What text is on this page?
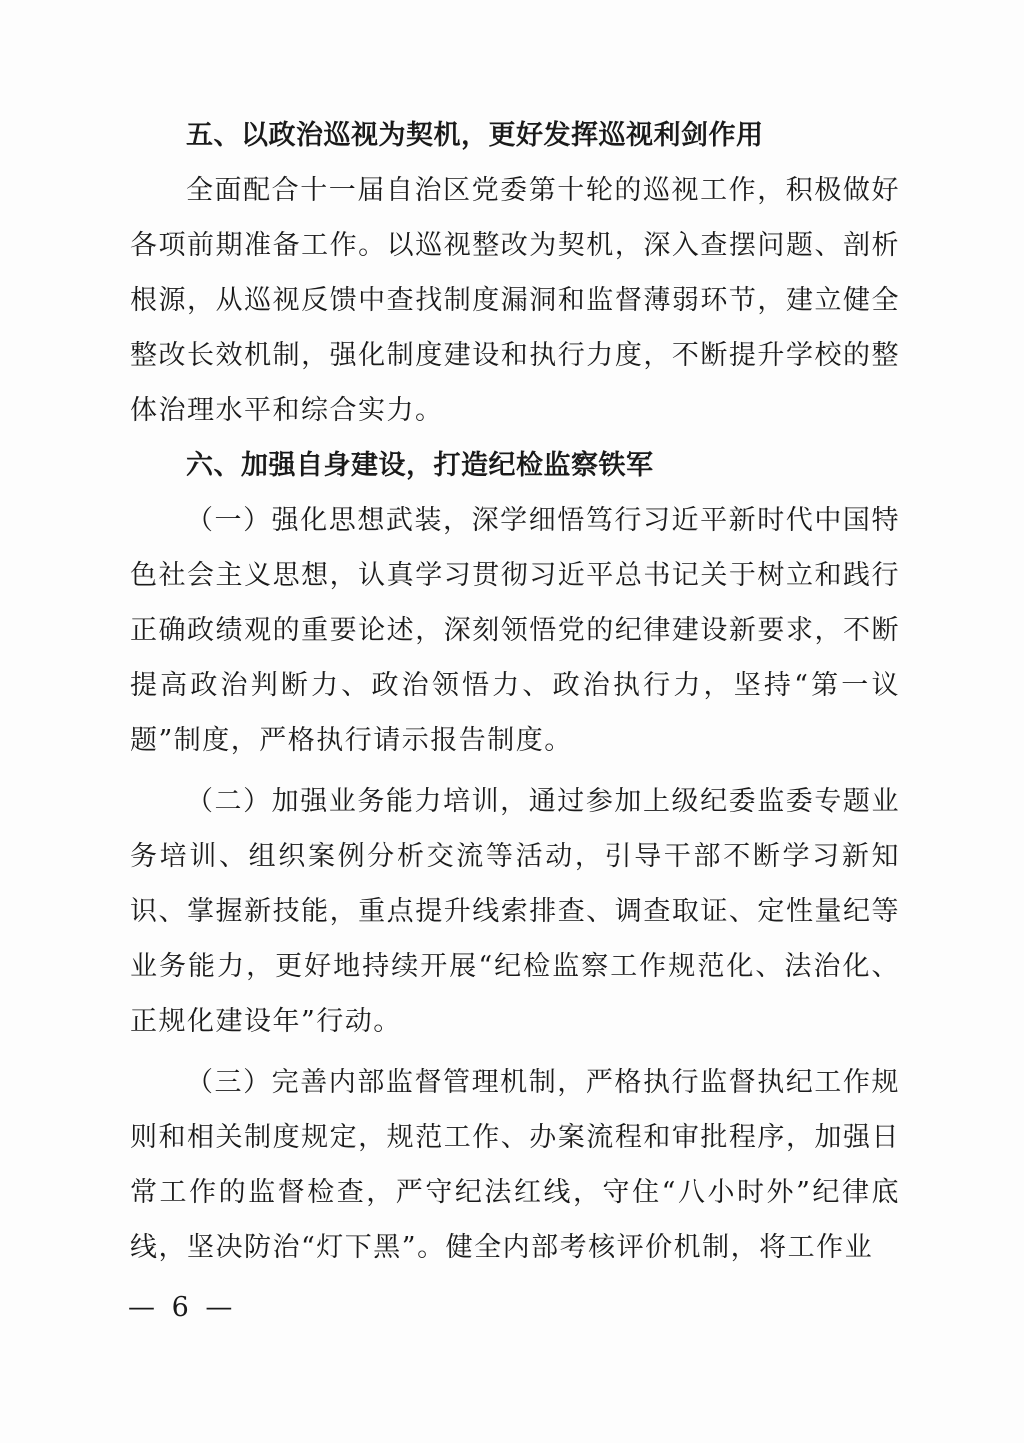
五、以政治巡视为契机，更好发挥巡视利剑作用

全面配合十一届自治区党委第十轮的巡视工作，积极做好各项前期准备工作。以巡视整改为契机，深入查摆问题、剖析根源，从巡视反馈中查找制度漏洞和监督薄弱环节，建立健全整改长效机制，强化制度建设和执行力度，不断提升学校的整体治理水平和综合实力。

六、加强自身建设，打造纪检监察铁军

（一）强化思想武装，深学细悟笃行习近平新时代中国特色社会主义思想，认真学习贯彻习近平总书记关于树立和践行正确政绩观的重要论述，深刻领悟党的纪律建设新要求，不断提高政治判断力、政治领悟力、政治执行力，坚持“第一议题”制度，严格执行请示报告制度。

（二）加强业务能力培训，通过参加上级纪委监委专题业务培训、组织案例分析交流等活动，引导干部不断学习新知识、掌握新技能，重点提升线索排查、调查取证、定性量纪等业务能力，更好地持续开展“纪检监察工作规范化、法治化、正规化建设年”行动。

（三）完善内部监督管理机制，严格执行监督执纪工作规则和相关制度规定，规范工作、办案流程和审批程序，加强日常工作的监督检查，严守纪法红线，守住“八小时外”纪律底线，坚决防治“灯下黑”。健全内部考核评价机制，将工作业

— 6 —
